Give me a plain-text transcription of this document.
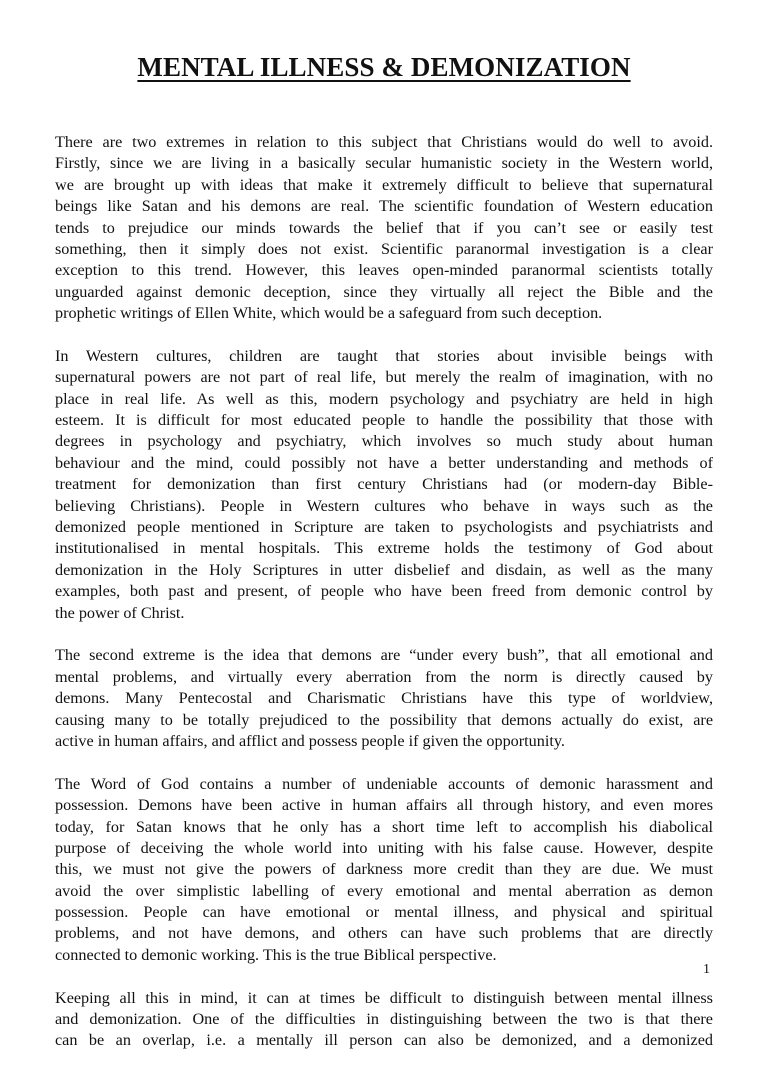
MENTAL ILLNESS & DEMONIZATION
There are two extremes in relation to this subject that Christians would do well to avoid.
Firstly, since we are living in a basically secular humanistic society in the Western world,
we are brought up with ideas that make it extremely difficult to believe that supernatural
beings like Satan and his demons are real. The scientific foundation of Western education
tends to prejudice our minds towards the belief that if you can’t see or easily test
something, then it simply does not exist. Scientific paranormal investigation is a clear
exception to this trend. However, this leaves open-minded paranormal scientists totally
unguarded against demonic deception, since they virtually all reject the Bible and the
prophetic writings of Ellen White, which would be a safeguard from such deception.
In Western cultures, children are taught that stories about invisible beings with
supernatural powers are not part of real life, but merely the realm of imagination, with no
place in real life. As well as this, modern psychology and psychiatry are held in high
esteem. It is difficult for most educated people to handle the possibility that those with
degrees in psychology and psychiatry, which involves so much study about human
behaviour and the mind, could possibly not have a better understanding and methods of
treatment for demonization than first century Christians had (or modern-day Bible-
believing Christians). People in Western cultures who behave in ways such as the
demonized people mentioned in Scripture are taken to psychologists and psychiatrists and
institutionalised in mental hospitals. This extreme holds the testimony of God about
demonization in the Holy Scriptures in utter disbelief and disdain, as well as the many
examples, both past and present, of people who have been freed from demonic control by
the power of Christ.
The second extreme is the idea that demons are “under every bush”, that all emotional and
mental problems, and virtually every aberration from the norm is directly caused by
demons. Many Pentecostal and Charismatic Christians have this type of worldview,
causing many to be totally prejudiced to the possibility that demons actually do exist, are
active in human affairs, and afflict and possess people if given the opportunity.
The Word of God contains a number of undeniable accounts of demonic harassment and
possession. Demons have been active in human affairs all through history, and even mores
today, for Satan knows that he only has a short time left to accomplish his diabolical
purpose of deceiving the whole world into uniting with his false cause. However, despite
this, we must not give the powers of darkness more credit than they are due. We must
avoid the over simplistic labelling of every emotional and mental aberration as demon
possession. People can have emotional or mental illness, and physical and spiritual
problems, and not have demons, and others can have such problems that are directly
connected to demonic working. This is the true Biblical perspective.
Keeping all this in mind, it can at times be difficult to distinguish between mental illness
and demonization. One of the difficulties in distinguishing between the two is that there
can be an overlap, i.e. a mentally ill person can also be demonized, and a demonized
1
